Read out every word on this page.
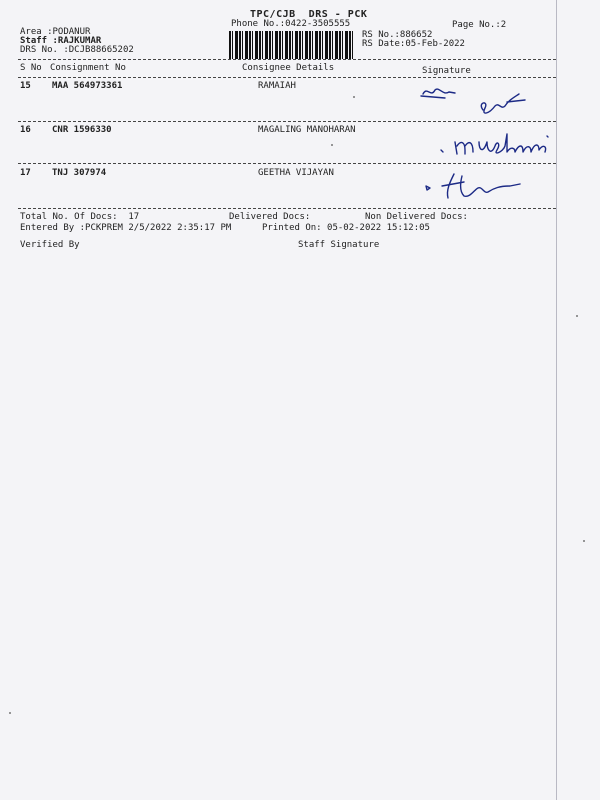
TPC/CJB  DRS - PCK
Phone No.:0422-3505555
Area :PODANUR
Staff :RAJKUMAR
DRS No. :DCJB88665202
Page No.:2
RS No.:886652
RS Date:05-Feb-2022
S No Consignment No	Consignee Details	Signature
15 MAA 564973361	RAMAIAH
16 CNR 1596330	MAGALING MANOHARAN
17 TNJ 307974	GEETHA VIJAYAN
Total No. Of Docs:  17	Delivered Docs:	Non Delivered Docs:
Entered By :PCKPREM 2/5/2022 2:35:17 PM	Printed On: 05-02-2022 15:12:05
Verified By	Staff Signature
